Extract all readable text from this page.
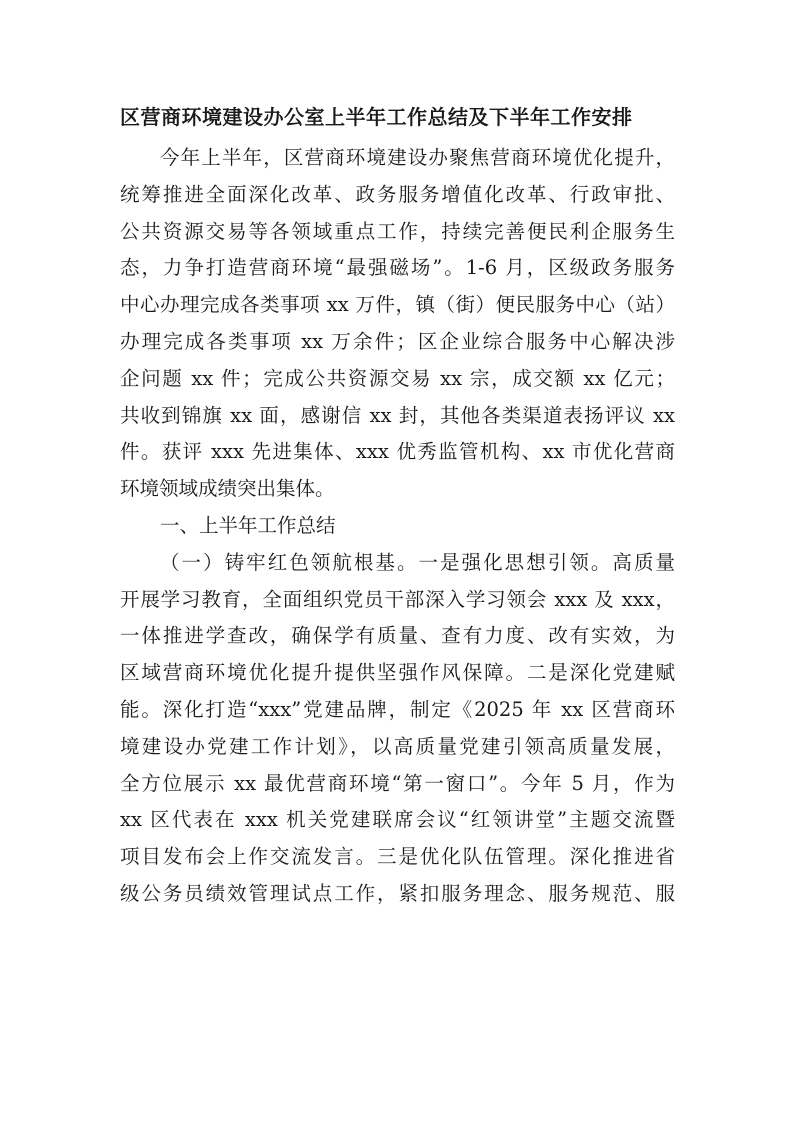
区营商环境建设办公室上半年工作总结及下半年工作安排
今年上半年，区营商环境建设办聚焦营商环境优化提升，
统筹推进全面深化改革、政务服务增值化改革、行政审批、
公共资源交易等各领域重点工作，持续完善便民利企服务生
态，力争打造营商环境“最强磁场”。1-6 月，区级政务服务
中心办理完成各类事项 xx 万件，镇（街）便民服务中心（站）
办理完成各类事项 xx 万余件；区企业综合服务中心解决涉
企问题 xx 件；完成公共资源交易 xx 宗，成交额 xx 亿元；
共收到锦旗 xx 面，感谢信 xx 封，其他各类渠道表扬评议 xx
件。获评 xxx 先进集体、xxx 优秀监管机构、xx 市优化营商
环境领域成绩突出集体。
一、上半年工作总结
（一）铸牢红色领航根基。一是强化思想引领。高质量
开展学习教育，全面组织党员干部深入学习领会 xxx 及 xxx，
一体推进学查改，确保学有质量、查有力度、改有实效，为
区域营商环境优化提升提供坚强作风保障。二是深化党建赋
能。深化打造“xxx”党建品牌，制定《2025 年 xx 区营商环
境建设办党建工作计划》，以高质量党建引领高质量发展，
全方位展示 xx 最优营商环境“第一窗口”。今年 5 月，作为
xx 区代表在 xxx 机关党建联席会议“红领讲堂”主题交流暨
项目发布会上作交流发言。三是优化队伍管理。深化推进省
级公务员绩效管理试点工作，紧扣服务理念、服务规范、服
